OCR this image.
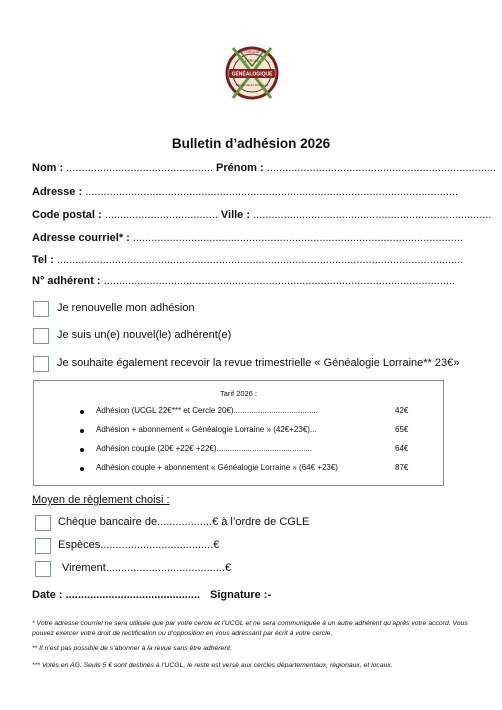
GÉNÉALOGIQUE
CERCLE
LORRAINE
MEURTHE-ET-MOSELLE
Bulletin d’adhésion 2026
Nom : ................................................ Prénom : ...........................................................................
Adresse : ..........................................................................................................................
Code postal : ..................................... Ville : ..............................................................................
Adresse courriel* : ............................................................................................................
Tel : .....................................................................................................................................
N° adhérent : ...................................................................................................................
Je renouvelle mon adhésion
Je suis un(e) nouvel(le) adhérent(e)
Je souhaite également recevoir la revue trimestrielle « Généalogie Lorraine** 23€»
Tarif 2026 :
Adhésion (UCGL 22€*** et Cercle 20€)......................................	42€
Adhésion + abonnement « Généalogie Lorraine » (42€+23€)...	65€
Adhésion couple (20€ +22€ +22€)...........................................	64€
Adhésion couple + abonnement « Généalogie Lorraine » (64€ +23€)	87€
Moyen de règlement choisi :
Chèque bancaire de..................€ à l’ordre de CGLE
Espèces.....................................€
Virement.......................................€
Date : ............................................ Signature :-
* Votre adresse courriel ne sera utilisée que par votre cercle et l’UCGL et ne sera communiquée à un autre adhérent qu’après votre accord. Vous pouvez exercer votre droit de rectification ou d’opposition en vous adressant par écrit à votre cercle.
** Il n’est pas possible de s’abonner à la revue sans être adhérent.
*** Votés en AG. Seuls 5 € sont destinés à l’UCGL, le reste est versé aux cercles départementaux, régionaux, et locaux.
